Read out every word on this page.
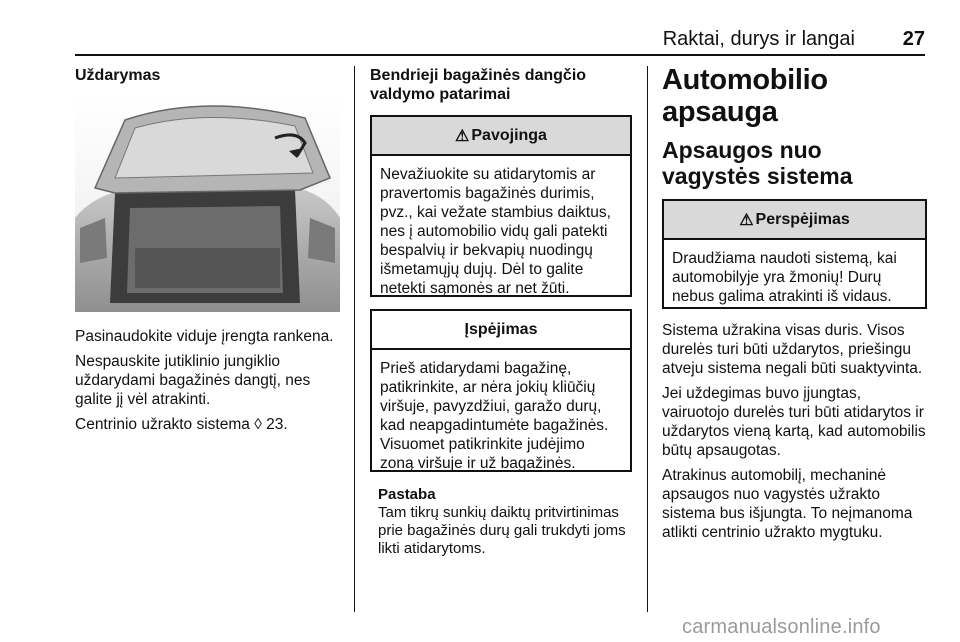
Raktai, durys ir langai 27
Uždarymas

Pasinaudokite viduje įrengta rankena.

Nespauskite jutiklinio jungiklio uždarydami bagažinės dangtį, nes galite jį vėl atrakinti.

Centrinio užrakto sistema ◊ 23.

Bendrieji bagažinės dangčio valdymo patarimai
⚠ Pavojinga

Nevažiuokite su atidarytomis ar pravertomis bagažinės durimis, pvz., kai vežate stambius daiktus, nes į automobilio vidų gali patekti bespalvių ir bekvapių nuodingų išmetamųjų dujų. Dėl to galite netekti sąmonės ar net žūti.

Įspėjimas

Prieš atidarydami bagažinę, patikrinkite, ar nėra jokių kliūčių viršuje, pavyzdžiui, garažo durų, kad neapgadintumėte bagažinės. Visuomet patikrinkite judėjimo zoną viršuje ir už bagažinės.

Pastaba

Tam tikrų sunkių daiktų pritvirtinimas prie bagažinės durų gali trukdyti joms likti atidarytoms.

Automobilio apsauga
Apsaugos nuo vagystės sistema
⚠ Perspėjimas

Draudžiama naudoti sistemą, kai automobilyje yra žmonių! Durų nebus galima atrakinti iš vidaus.

Sistema užrakina visas duris. Visos durelės turi būti uždarytos, priešingu atveju sistema negali būti suaktyvinta.

Jei uždegimas buvo įjungtas, vairuotojo durelės turi būti atidarytos ir uždarytos vieną kartą, kad automobilis būtų apsaugotas.

Atrakinus automobilį, mechaninė apsaugos nuo vagystės užrakto sistema bus išjungta. To neįmanoma atlikti centrinio užrakto mygtuku.

carmanualsonline.info
